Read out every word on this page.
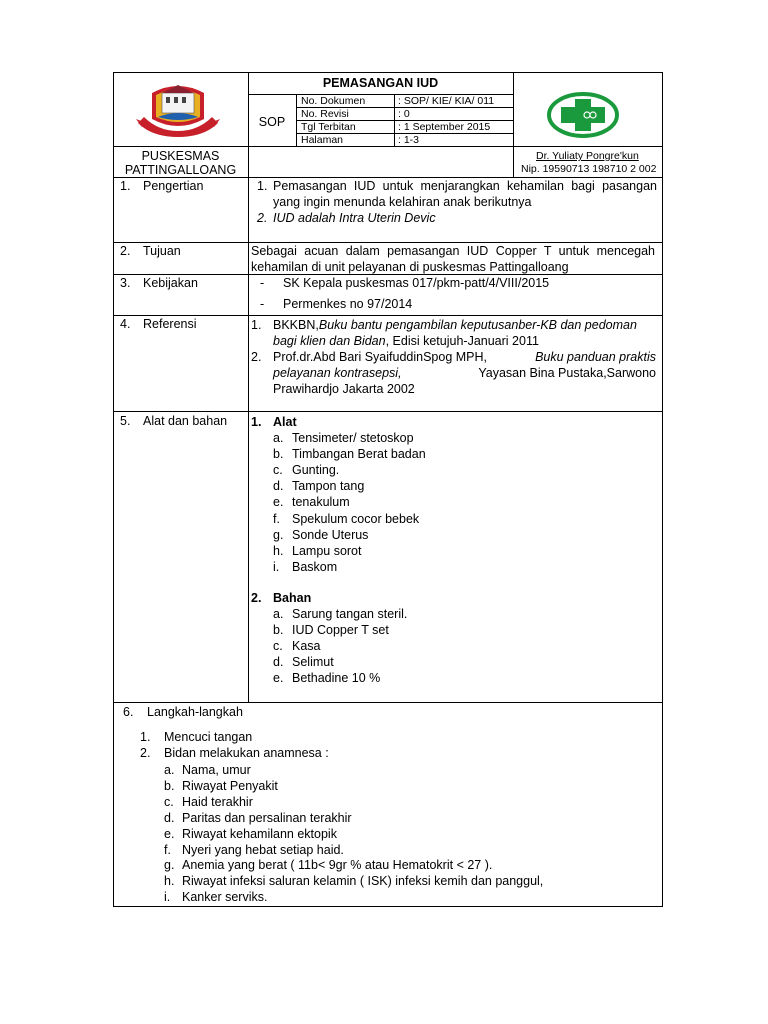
PEMASANGAN IUD
SOP
No. Dokumen	: SOP/ KIE/ KIA/ 011
No. Revisi	: 0
Tgl Terbitan	: 1 September 2015
Halaman	: 1-3
PUSKESMAS
PATTINGALLOANG
Dr. Yuliaty Pongre'kun
Nip. 19590713 198710 2 002
1. Pengertian	1. Pemasangan IUD untuk menjarangkan kehamilan bagi pasangan
yang ingin menunda kelahiran anak berikutnya
2. IUD adalah Intra Uterin Devic
2. Tujuan	Sebagai acuan dalam pemasangan IUD Copper T untuk mencegah
kehamilan di unit pelayanan di puskesmas Pattingalloang
3. Kebijakan	- SK Kepala puskesmas 017/pkm-patt/4/VIII/2015
- Permenkes no 97/2014
4. Referensi	1. BKKBN,Buku bantu pengambilan keputusanber-KB dan pedoman
bagi klien dan Bidan, Edisi ketujuh-Januari 2011
2. Prof.dr.Abd Bari SyaifuddinSpog MPH,	Buku panduan praktis
pelayanan kontrasepsi,	Yayasan Bina Pustaka,Sarwono
Prawihardjo Jakarta 2002
5. Alat dan bahan 1. Alat
a. Tensimeter/ stetoskop
b. Timbangan Berat badan
c. Gunting.
d. Tampon tang
e. tenakulum
f. Spekulum cocor bebek
g. Sonde Uterus
h. Lampu sorot
i. Baskom
2. Bahan
a. Sarung tangan steril.
b. IUD Copper T set
c. Kasa
d. Selimut
e. Bethadine 10 %
6. Langkah-langkah
1. Mencuci tangan
2. Bidan melakukan anamnesa :
a. Nama, umur
b. Riwayat Penyakit
c. Haid terakhir
d. Paritas dan persalinan terakhir
e. Riwayat kehamilann ektopik
f. Nyeri yang hebat setiap haid.
g. Anemia yang berat ( 11b< 9gr % atau Hematokrit < 27 ).
h. Riwayat infeksi saluran kelamin ( ISK) infeksi kemih dan panggul,
i. Kanker serviks.
